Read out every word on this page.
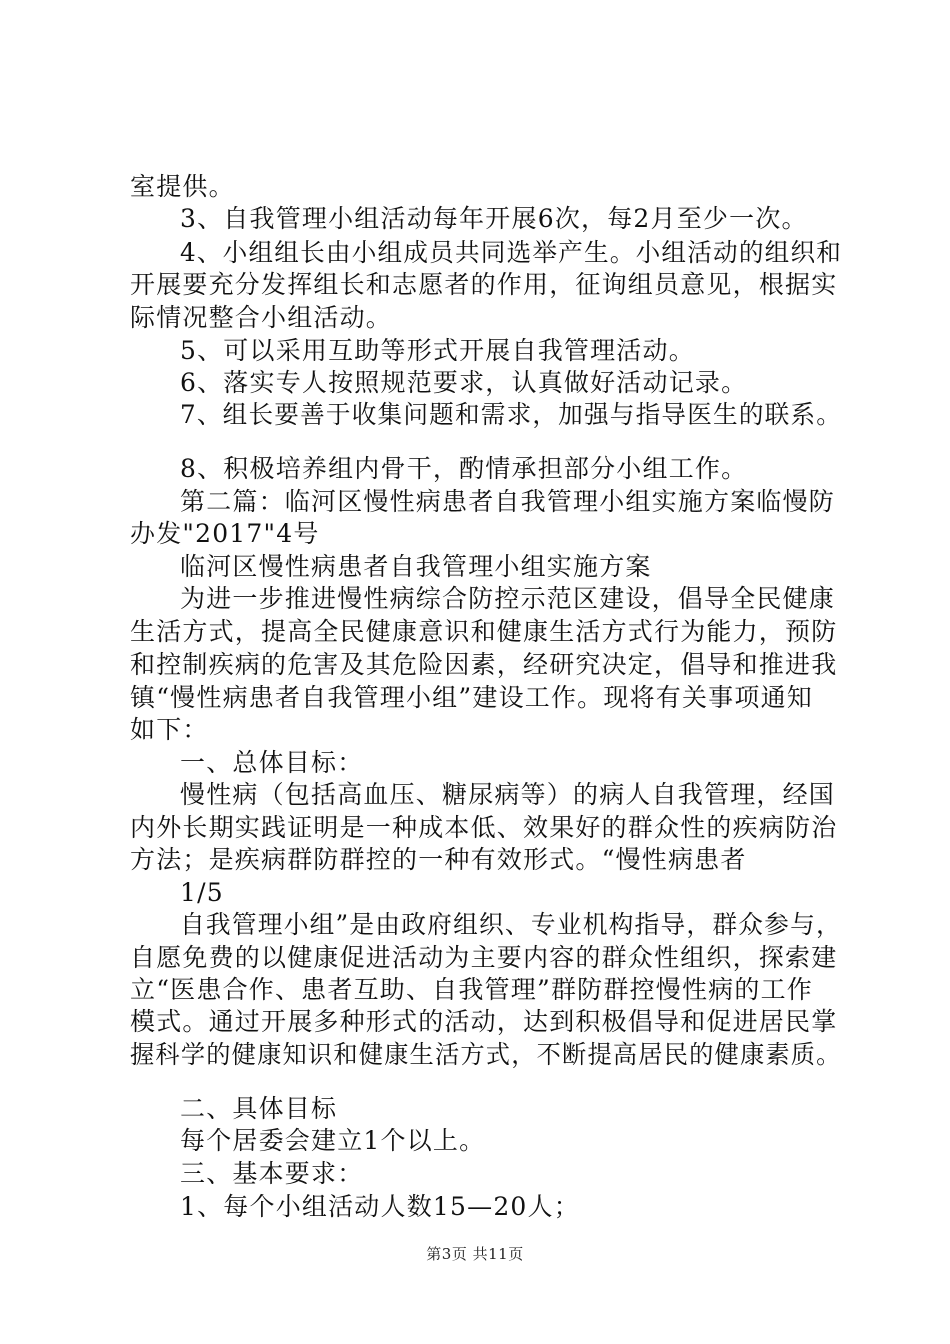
室提供。
3、自我管理小组活动每年开展6次，每2月至少一次。
4、小组组长由小组成员共同选举产生。小组活动的组织和
开展要充分发挥组长和志愿者的作用，征询组员意见，根据实
际情况整合小组活动。
5、可以采用互助等形式开展自我管理活动。
6、落实专人按照规范要求，认真做好活动记录。
7、组长要善于收集问题和需求，加强与指导医生的联系。
8、积极培养组内骨干，酌情承担部分小组工作。
第二篇：临河区慢性病患者自我管理小组实施方案临慢防
办发"2017"4号
临河区慢性病患者自我管理小组实施方案
为进一步推进慢性病综合防控示范区建设，倡导全民健康
生活方式，提高全民健康意识和健康生活方式行为能力，预防
和控制疾病的危害及其危险因素，经研究决定，倡导和推进我
镇“慢性病患者自我管理小组”建设工作。现将有关事项通知
如下：
一、总体目标：
慢性病（包括高血压、糖尿病等）的病人自我管理，经国
内外长期实践证明是一种成本低、效果好的群众性的疾病防治
方法；是疾病群防群控的一种有效形式。“慢性病患者
1/5
自我管理小组”是由政府组织、专业机构指导，群众参与，
自愿免费的以健康促进活动为主要内容的群众性组织，探索建
立“医患合作、患者互助、自我管理”群防群控慢性病的工作
模式。通过开展多种形式的活动，达到积极倡导和促进居民掌
握科学的健康知识和健康生活方式，不断提高居民的健康素质。
二、具体目标
每个居委会建立1个以上。
三、基本要求：
1、每个小组活动人数15—20人；
第3页 共11页
